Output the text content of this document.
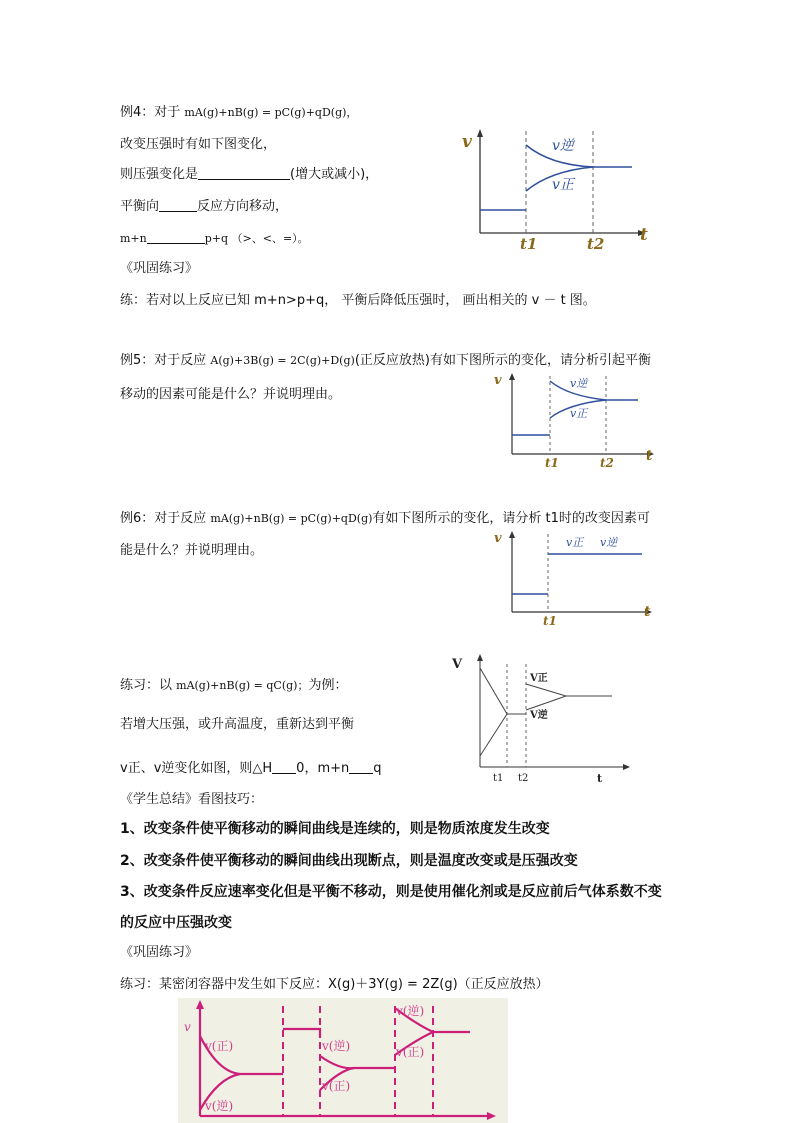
例4：对于 mA(g)+nB(g) = pC(g)+qD(g)，
改变压强时有如下图变化，
则压强变化是	(增大或减小)，
平衡向	反应方向移动，
m+n	p+q （>、<、=）。
v
t
v逆
v正
t1	t2
《巩固练习》
练：若对以上反应已知 m+n>p+q， 平衡后降低压强时， 画出相关的 v － t 图。
例5：对于反应 A(g)+3B(g) = 2C(g)+D(g)(正反应放热)有如下图所示的变化，请分析引起平衡
移动的因素可能是什么？并说明理由。
v
t
v逆
v正
t1	t2
例6：对于反应 mA(g)+nB(g) = pC(g)+qD(g)有如下图所示的变化，请分析 t1时的改变因素可
能是什么？并说明理由。
v
t
v正 v逆
t1
练习：以 mA(g)+nB(g) = qC(g)；为例：
若增大压强，或升高温度，重新达到平衡
v正、v逆变化如图，则△H 0，m+n q
V
t
V正
V逆
t1 t2
《学生总结》看图技巧：
1、改变条件使平衡移动的瞬间曲线是连续的，则是物质浓度发生改变
2、改变条件使平衡移动的瞬间曲线出现断点，则是温度改变或是压强改变
3、改变条件反应速率变化但是平衡不移动，则是使用催化剂或是反应前后气体系数不变
的反应中压强改变
《巩固练习》
练习：某密闭容器中发生如下反应：X(g)＋3Y(g) = 2Z(g)（正反应放热）
v
v(正)
v(逆)
v(逆)
v(正)
v(逆)
v(正)
